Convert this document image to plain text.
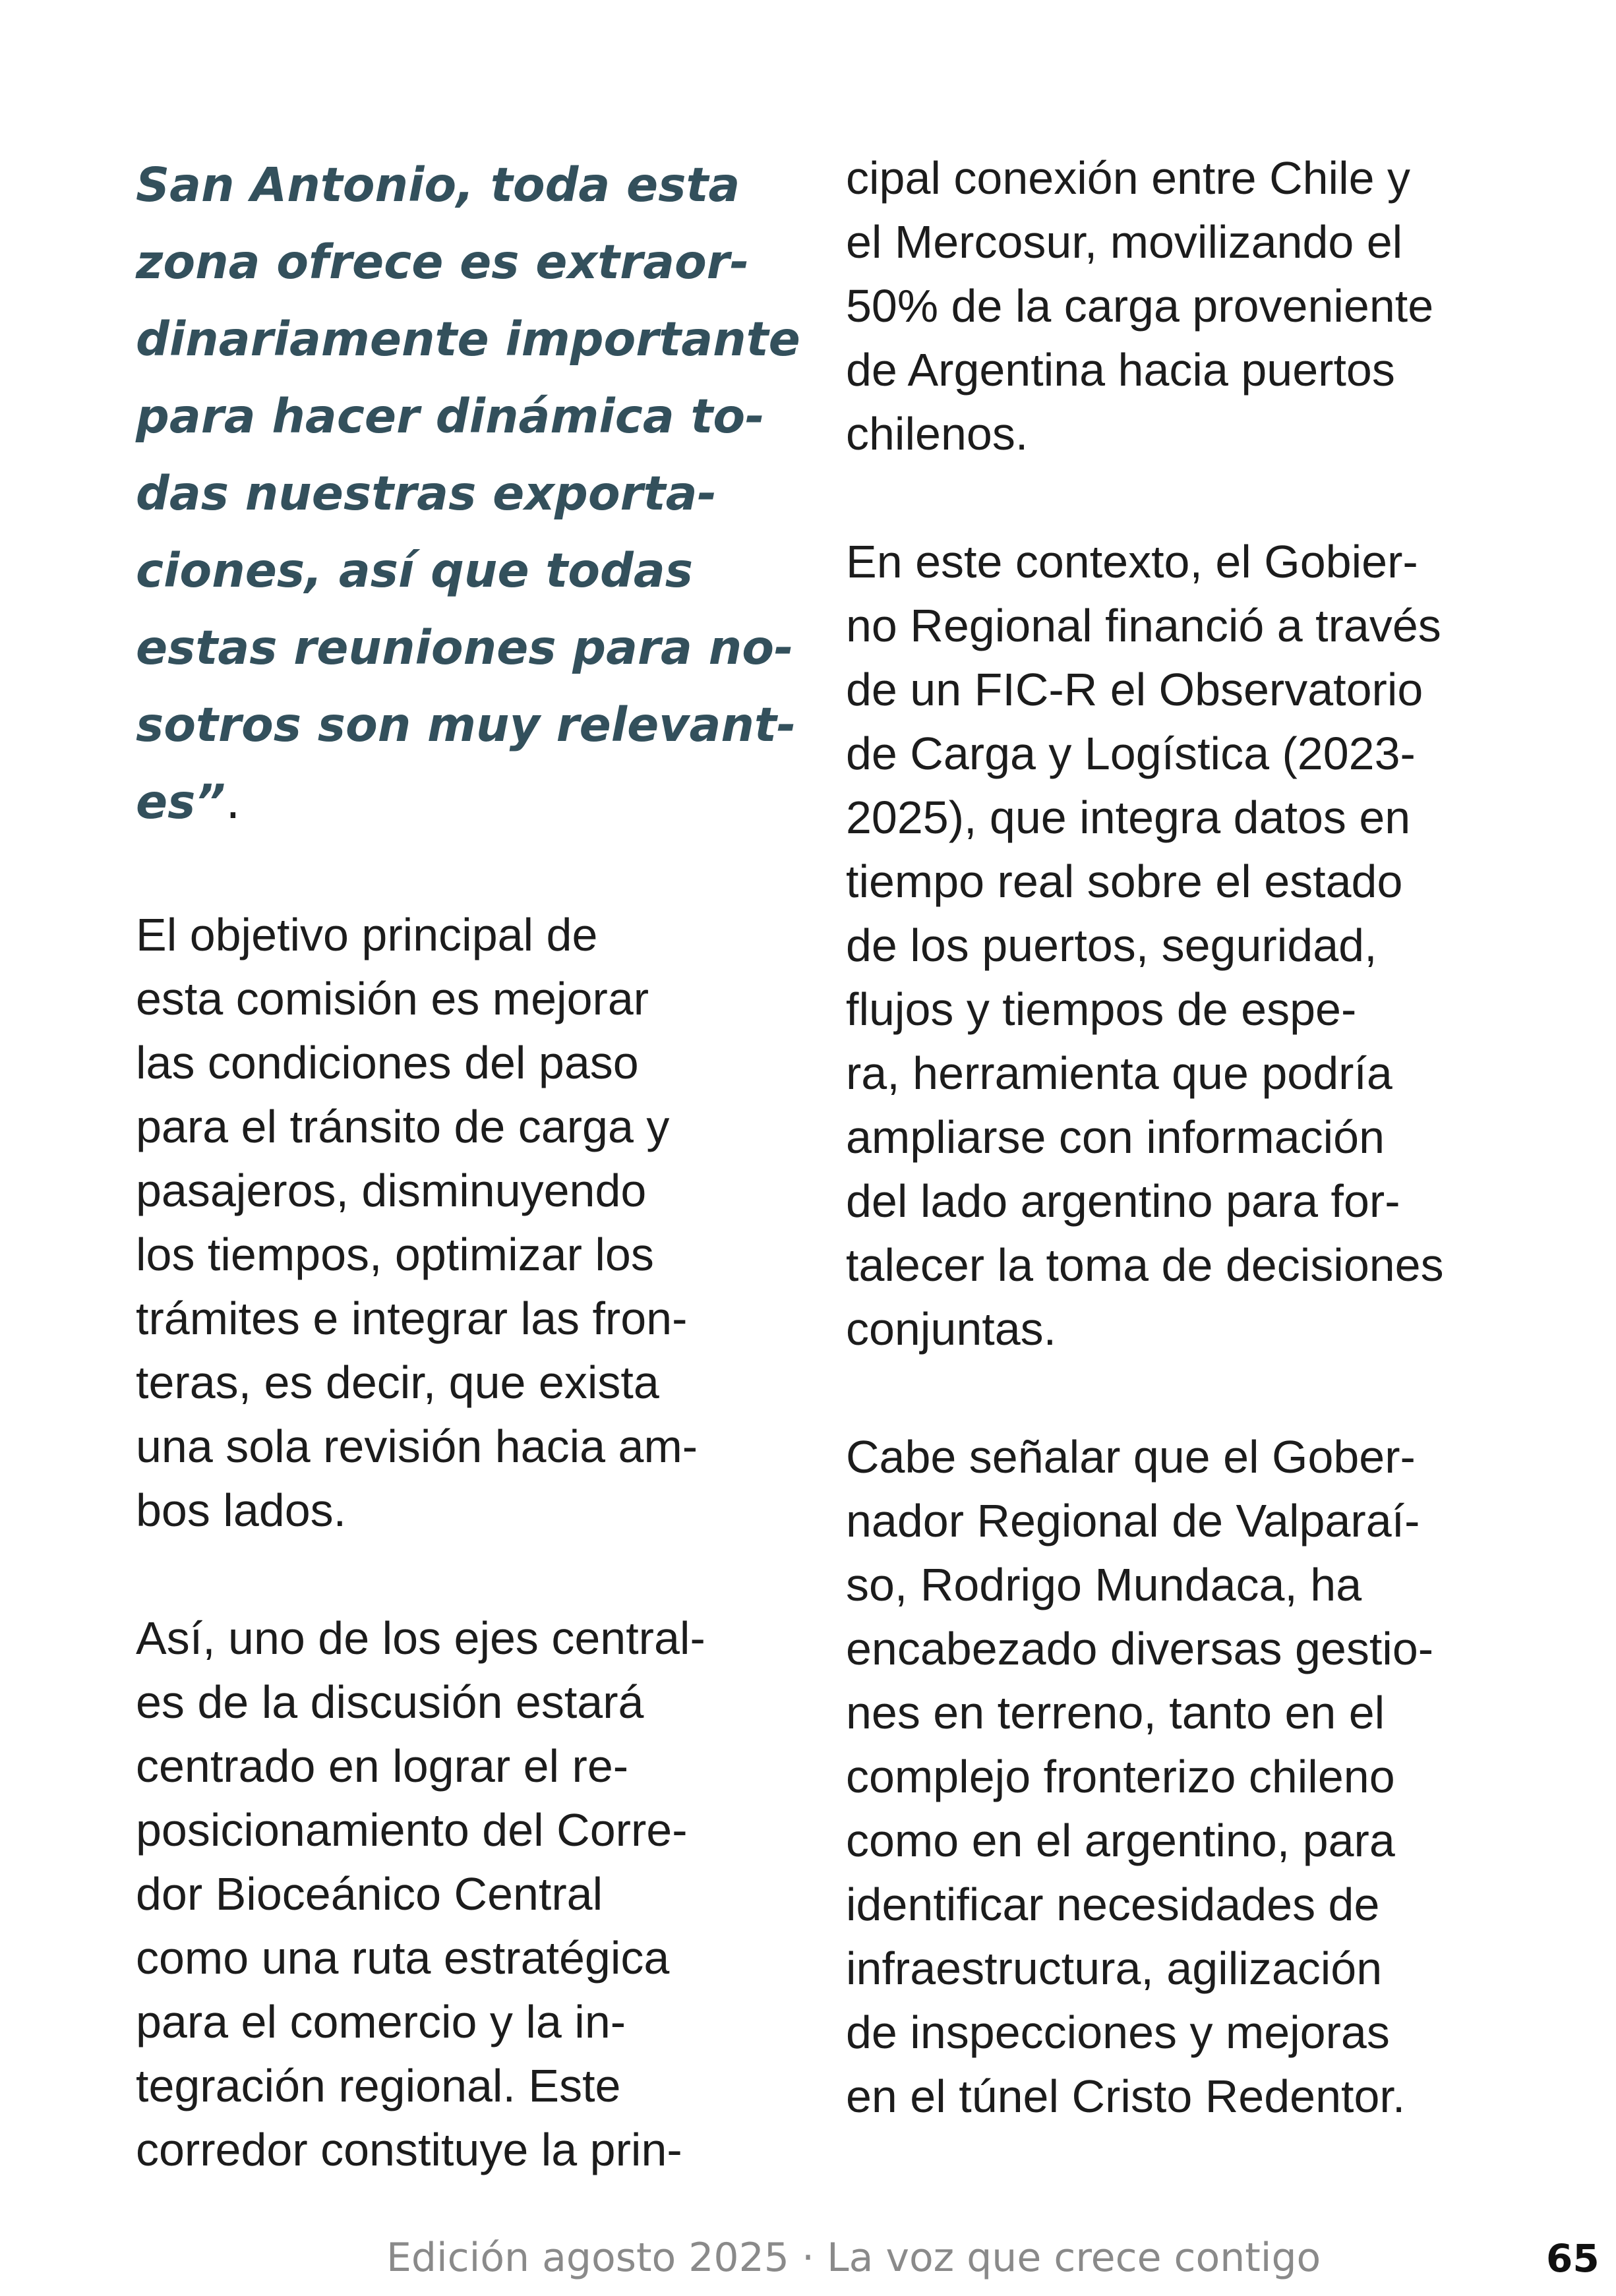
San Antonio, toda esta
zona ofrece es extraor-
dinariamente importante
para hacer dinámica to-
das nuestras exporta-
ciones, así que todas
estas reuniones para no-
sotros son muy relevant-
es”.

El objetivo principal de
esta comisión es mejorar
las condiciones del paso
para el tránsito de carga y
pasajeros, disminuyendo
los tiempos, optimizar los
trámites e integrar las fron-
teras, es decir, que exista
una sola revisión hacia am-
bos lados.

Así, uno de los ejes central-
es de la discusión estará
centrado en lograr el re-
posicionamiento del Corre-
dor Bioceánico Central
como una ruta estratégica
para el comercio y la in-
tegración regional. Este
corredor constituye la prin-

cipal conexión entre Chile y
el Mercosur, movilizando el
50% de la carga proveniente
de Argentina hacia puertos
chilenos.

En este contexto, el Gobier-
no Regional financió a través
de un FIC-R el Observatorio
de Carga y Logística (2023-
2025), que integra datos en
tiempo real sobre el estado
de los puertos, seguridad,
flujos y tiempos de espe-
ra, herramienta que podría
ampliarse con información
del lado argentino para for-
talecer la toma de decisiones
conjuntas.

Cabe señalar que el Gober-
nador Regional de Valparaí-
so, Rodrigo Mundaca, ha
encabezado diversas gestio-
nes en terreno, tanto en el
complejo fronterizo chileno
como en el argentino, para
identificar necesidades de
infraestructura, agilización
de inspecciones y mejoras
en el túnel Cristo Redentor.

Edición agosto 2025 · La voz que crece contigo	65
